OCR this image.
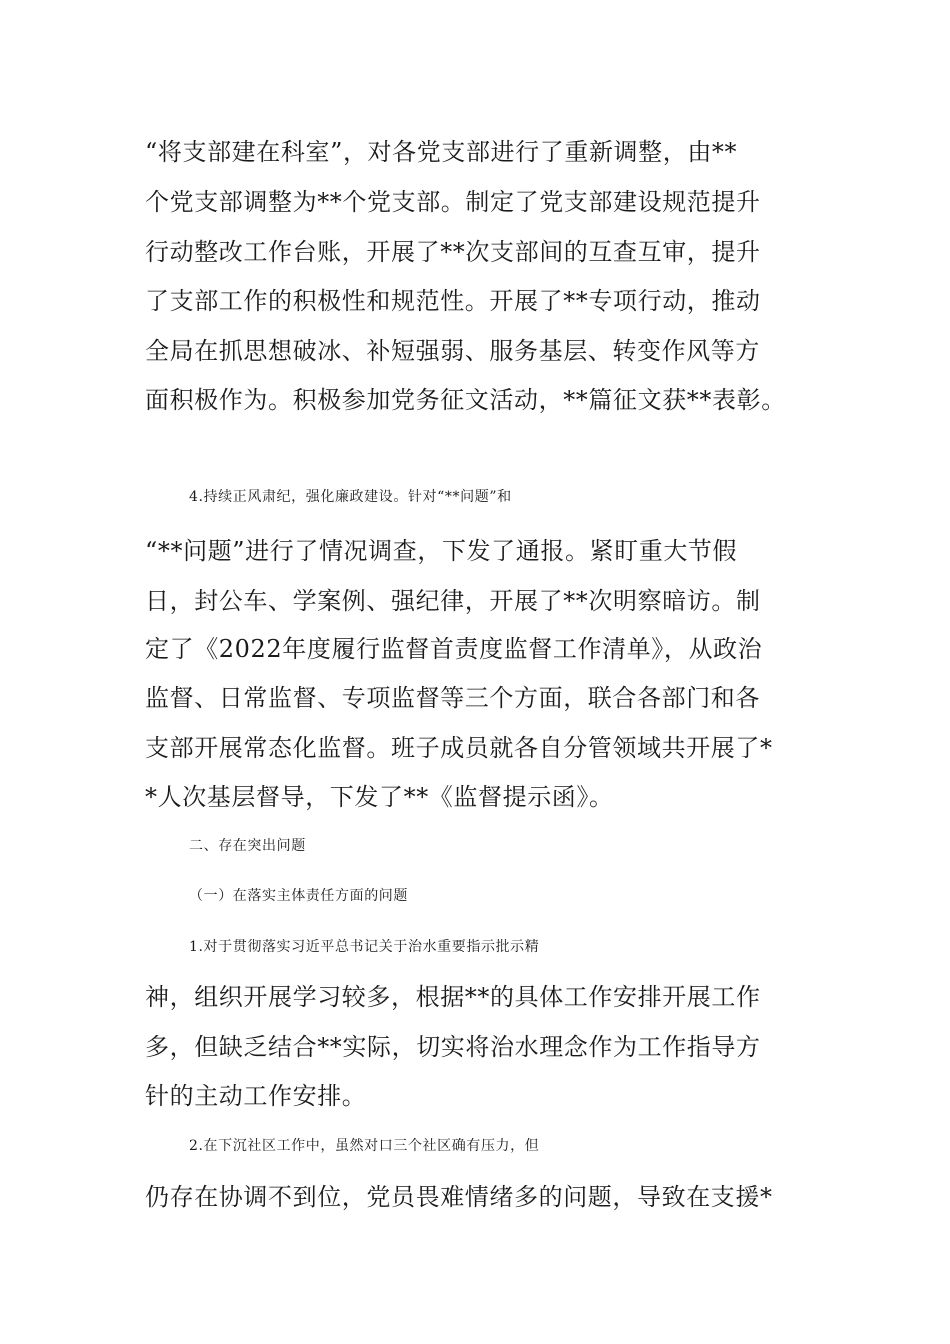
“将支部建在科室”，对各党支部进行了重新调整，由**
个党支部调整为**个党支部。制定了党支部建设规范提升
行动整改工作台账，开展了**次支部间的互查互审，提升
了支部工作的积极性和规范性。开展了**专项行动，推动
全局在抓思想破冰、补短强弱、服务基层、转变作风等方
面积极作为。积极参加党务征文活动，**篇征文获**表彰。
4.持续正风肃纪，强化廉政建设。针对“**问题”和
“**问题”进行了情况调查，下发了通报。紧盯重大节假
日，封公车、学案例、强纪律，开展了**次明察暗访。制
定了《2022年度履行监督首责度监督工作清单》，从政治
监督、日常监督、专项监督等三个方面，联合各部门和各
支部开展常态化监督。班子成员就各自分管领域共开展了*
*人次基层督导，下发了**《监督提示函》。
二、存在突出问题
（一）在落实主体责任方面的问题
1.对于贯彻落实习近平总书记关于治水重要指示批示精
神，组织开展学习较多，根据**的具体工作安排开展工作
多，但缺乏结合**实际，切实将治水理念作为工作指导方
针的主动工作安排。
2.在下沉社区工作中，虽然对口三个社区确有压力，但
仍存在协调不到位，党员畏难情绪多的问题，导致在支援*
